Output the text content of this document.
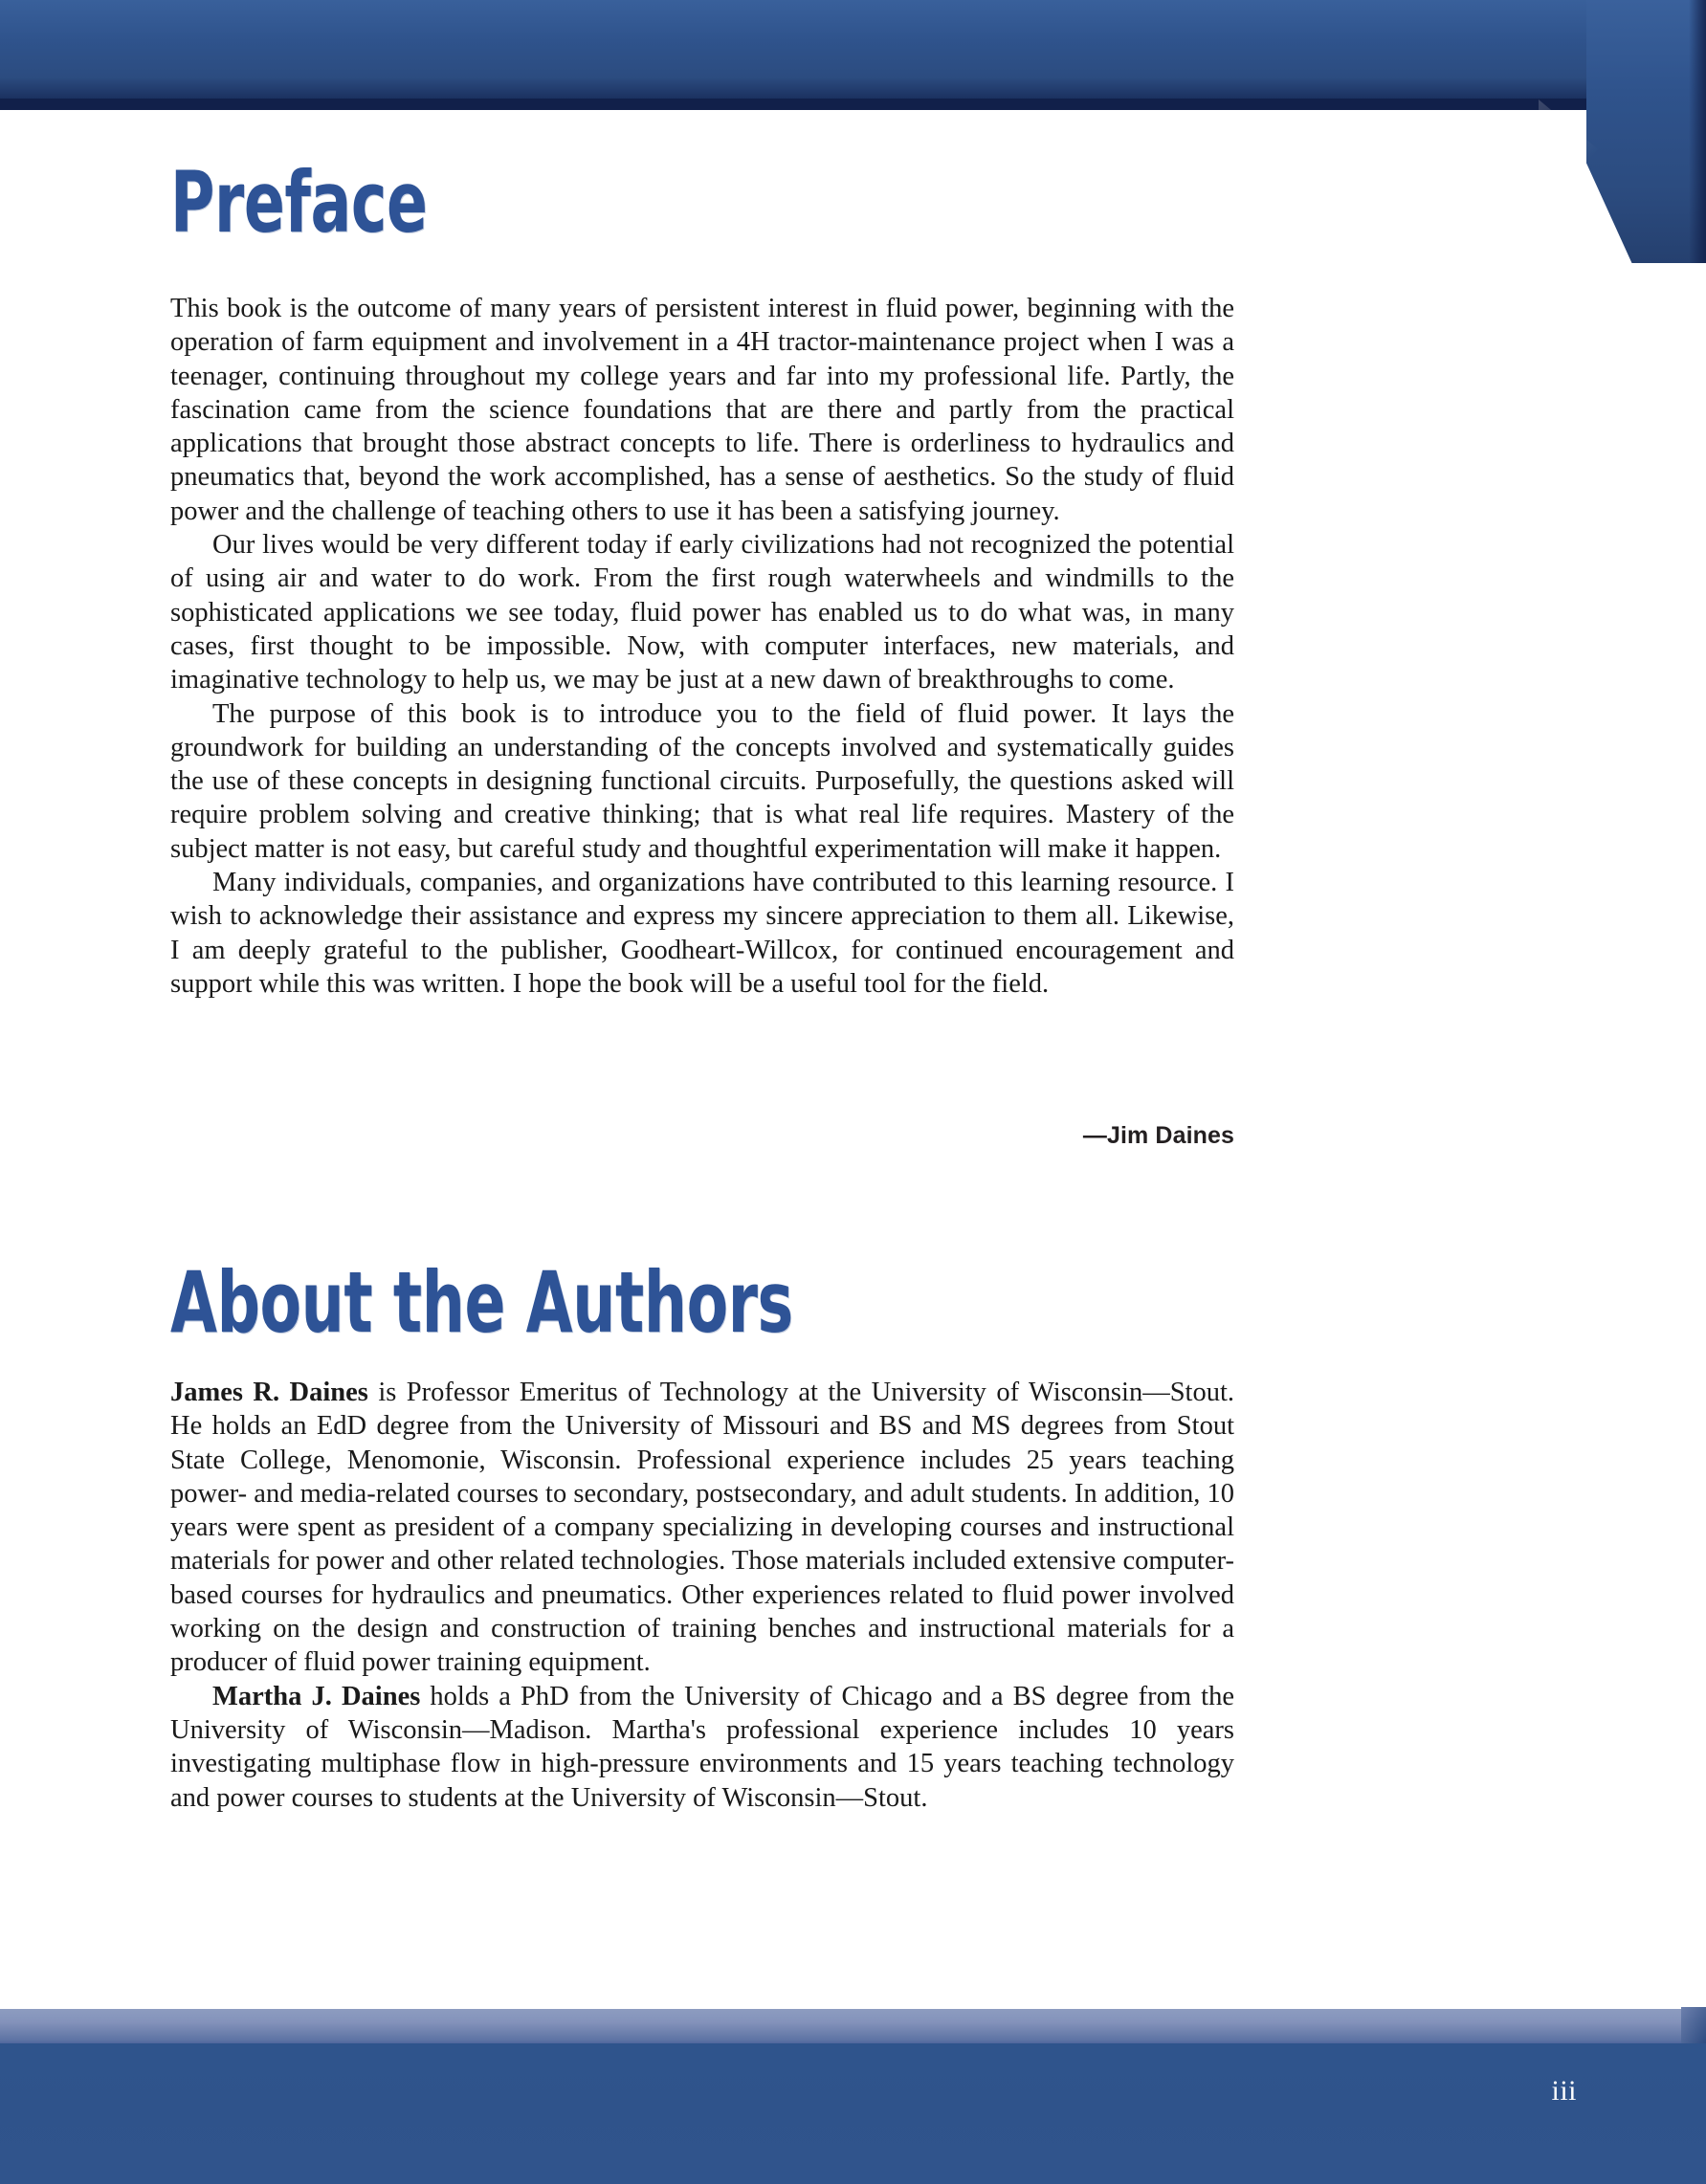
Preface

This book is the outcome of many years of persistent interest in fluid power, beginning with the operation of farm equipment and involvement in a 4H tractor-maintenance project when I was a teenager, continuing throughout my college years and far into my professional life. Partly, the fascination came from the science foundations that are there and partly from the practical applications that brought those abstract concepts to life. There is orderliness to hydraulics and pneumatics that, beyond the work accomplished, has a sense of aesthetics. So the study of fluid power and the challenge of teaching others to use it has been a satisfying journey.

Our lives would be very different today if early civilizations had not recognized the potential of using air and water to do work. From the first rough waterwheels and windmills to the sophisticated applications we see today, fluid power has enabled us to do what was, in many cases, first thought to be impossible. Now, with computer interfaces, new materials, and imaginative technology to help us, we may be just at a new dawn of breakthroughs to come.

The purpose of this book is to introduce you to the field of fluid power. It lays the groundwork for building an understanding of the concepts involved and systematically guides the use of these concepts in designing functional circuits. Purposefully, the questions asked will require problem solving and creative thinking; that is what real life requires. Mastery of the subject matter is not easy, but careful study and thoughtful experimentation will make it happen.

Many individuals, companies, and organizations have contributed to this learning resource. I wish to acknowledge their assistance and express my sincere appreciation to them all. Likewise, I am deeply grateful to the publisher, Goodheart-Willcox, for continued encouragement and support while this was written. I hope the book will be a useful tool for the field.

—Jim Daines
About the Authors

James R. Daines is Professor Emeritus of Technology at the University of Wisconsin—Stout. He holds an EdD degree from the University of Missouri and BS and MS degrees from Stout State College, Menomonie, Wisconsin. Professional experience includes 25 years teaching power- and media-related courses to secondary, postsecondary, and adult students. In addition, 10 years were spent as president of a company specializing in developing courses and instructional materials for power and other related technologies. Those materials included extensive computer-based courses for hydraulics and pneumatics. Other experiences related to fluid power involved working on the design and construction of training benches and instructional materials for a producer of fluid power training equipment.

Martha J. Daines holds a PhD from the University of Chicago and a BS degree from the University of Wisconsin—Madison. Martha's professional experience includes 10 years investigating multiphase flow in high-pressure environments and 15 years teaching technology and power courses to students at the University of Wisconsin—Stout.

iii
